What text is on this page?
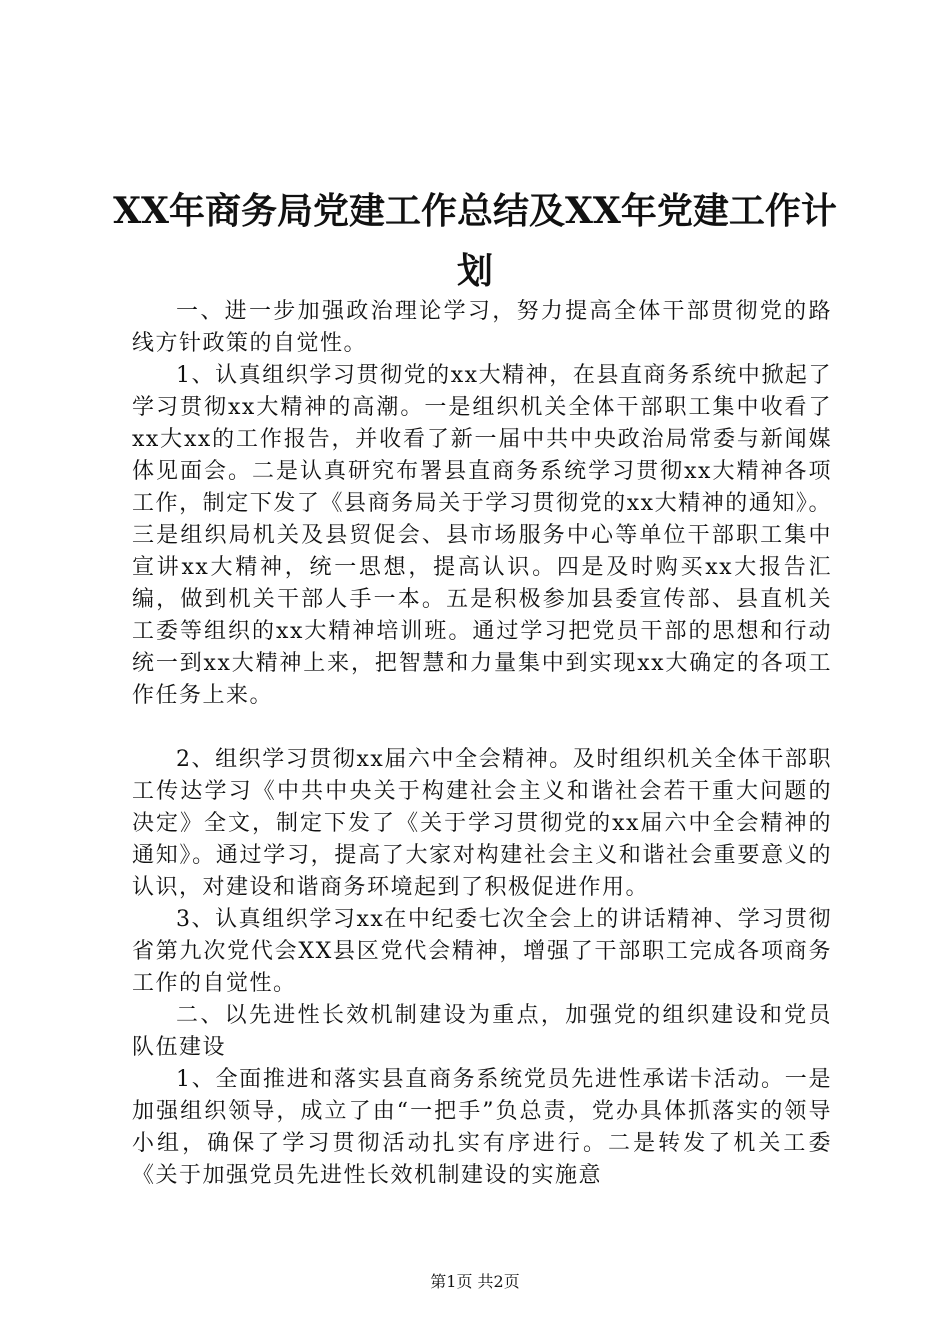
XX年商务局党建工作总结及XX年党建工作计
划

一、进一步加强政治理论学习，努力提高全体干部贯彻党的路线方针政策的自觉性。

1、认真组织学习贯彻党的xx大精神，在县直商务系统中掀起了学习贯彻xx大精神的高潮。一是组织机关全体干部职工集中收看了xx大xx的工作报告，并收看了新一届中共中央政治局常委与新闻媒体见面会。二是认真研究布署县直商务系统学习贯彻xx大精神各项工作，制定下发了《县商务局关于学习贯彻党的xx大精神的通知》。三是组织局机关及县贸促会、县市场服务中心等单位干部职工集中宣讲xx大精神，统一思想，提高认识。四是及时购买xx大报告汇编，做到机关干部人手一本。五是积极参加县委宣传部、县直机关工委等组织的xx大精神培训班。通过学习把党员干部的思想和行动统一到xx大精神上来，把智慧和力量集中到实现xx大确定的各项工作任务上来。

2、组织学习贯彻xx届六中全会精神。及时组织机关全体干部职工传达学习《中共中央关于构建社会主义和谐社会若干重大问题的决定》全文，制定下发了《关于学习贯彻党的xx届六中全会精神的通知》。通过学习，提高了大家对构建社会主义和谐社会重要意义的认识，对建设和谐商务环境起到了积极促进作用。

3、认真组织学习xx在中纪委七次全会上的讲话精神、学习贯彻省第九次党代会XX县区党代会精神，增强了干部职工完成各项商务工作的自觉性。

二、以先进性长效机制建设为重点，加强党的组织建设和党员队伍建设

1、全面推进和落实县直商务系统党员先进性承诺卡活动。一是加强组织领导，成立了由“一把手”负总责，党办具体抓落实的领导小组，确保了学习贯彻活动扎实有序进行。二是转发了机关工委《关于加强党员先进性长效机制建设的实施意

第1页 共2页
